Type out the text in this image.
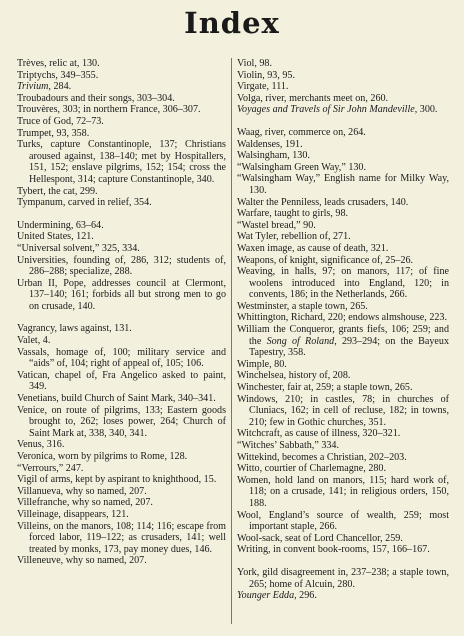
Index

Trèves, relic at, 130.

Triptychs, 349–355.

Trivium, 284.

Troubadours and their songs, 303–304.

Trouvères, 303; in northern France, 306–307.

Truce of God, 72–73.

Trumpet, 93, 358.

Turks, capture Constantinople, 137; Christians aroused against, 138–140; met by Hospitallers, 151, 152; enslave pilgrims, 152; 154; cross the Hellespont, 314; capture Constantinople, 340.

Tybert, the cat, 299.

Tympanum, carved in relief, 354.

Undermining, 63–64.

United States, 121.

“Universal solvent,” 325, 334.

Universities, founding of, 286, 312; students of, 286–288; specialize, 288.

Urban II, Pope, addresses council at Clermont, 137–140; 161; forbids all but strong men to go on crusade, 140.

Vagrancy, laws against, 131.

Valet, 4.

Vassals, homage of, 100; military service and “aids” of, 104; right of appeal of, 105; 106.

Vatican, chapel of, Fra Angelico asked to paint, 349.

Venetians, build Church of Saint Mark, 340–341.

Venice, on route of pilgrims, 133; Eastern goods brought to, 262; loses power, 264; Church of Saint Mark at, 338, 340, 341.

Venus, 316.

Veronica, worn by pilgrims to Rome, 128.

“Verrours,” 247.

Vigil of arms, kept by aspirant to knighthood, 15.

Villanueva, why so named, 207.

Villefranche, why so named, 207.

Villeinage, disappears, 121.

Villeins, on the manors, 108; 114; 116; escape from forced labor, 119–122; as crusaders, 141; well treated by monks, 173, pay money dues, 146.

Villeneuve, why so named, 207.

Viol, 98.

Violin, 93, 95.

Virgate, 111.

Volga, river, merchants meet on, 260.

Voyages and Travels of Sir John Mandeville, 300.

Waag, river, commerce on, 264.

Waldenses, 191.

Walsingham, 130.

“Walsingham Green Way,” 130.

“Walsingham Way,” English name for Milky Way, 130.

Walter the Penniless, leads crusaders, 140.

Warfare, taught to girls, 98.

“Wastel bread,” 90.

Wat Tyler, rebellion of, 271.

Waxen image, as cause of death, 321.

Weapons, of knight, significance of, 25–26.

Weaving, in halls, 97; on manors, 117; of fine woolens introduced into England, 120; in convents, 186; in the Netherlands, 266.

Westminster, a staple town, 265.

Whittington, Richard, 220; endows almshouse, 223.

William the Conqueror, grants fiefs, 106; 259; and the Song of Roland, 293–294; on the Bayeux Tapestry, 358.

Wimple, 80.

Winchelsea, history of, 208.

Winchester, fair at, 259; a staple town, 265.

Windows, 210; in castles, 78; in churches of Cluniacs, 162; in cell of recluse, 182; in towns, 210; few in Gothic churches, 351.

Witchcraft, as cause of illness, 320–321.

“Witches’ Sabbath,” 334.

Wittekind, becomes a Christian, 202–203.

Witto, courtier of Charlemagne, 280.

Women, hold land on manors, 115; hard work of, 118; on a crusade, 141; in religious orders, 150, 188.

Wool, England’s source of wealth, 259; most important staple, 266.

Wool-sack, seat of Lord Chancellor, 259.

Writing, in convent book-rooms, 157, 166–167.

York, gild disagreement in, 237–238; a staple town, 265; home of Alcuin, 280.

Younger Edda, 296.
